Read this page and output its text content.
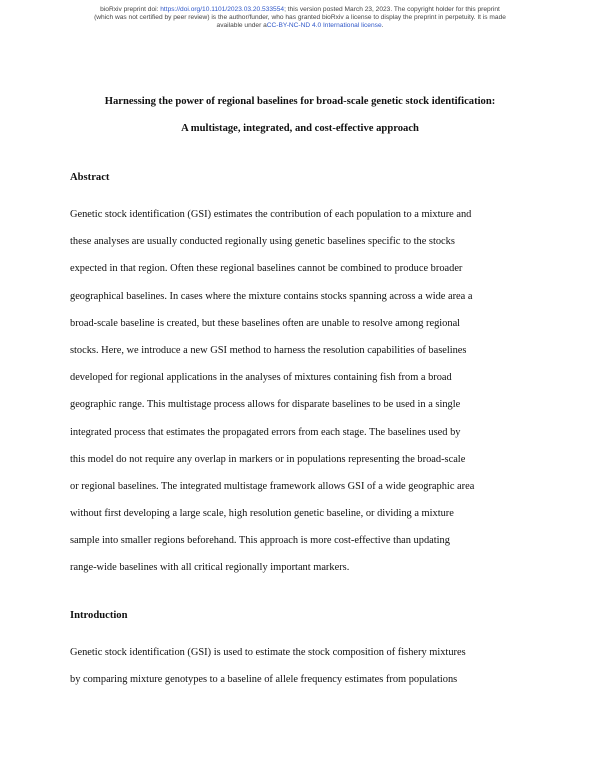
bioRxiv preprint doi: https://doi.org/10.1101/2023.03.20.533554; this version posted March 23, 2023. The copyright holder for this preprint
(which was not certified by peer review) is the author/funder, who has granted bioRxiv a license to display the preprint in perpetuity. It is made
available under aCC-BY-NC-ND 4.0 International license.
Harnessing the power of regional baselines for broad-scale genetic stock identification:
A multistage, integrated, and cost-effective approach
Abstract
Genetic stock identification (GSI) estimates the contribution of each population to a mixture and
these analyses are usually conducted regionally using genetic baselines specific to the stocks
expected in that region. Often these regional baselines cannot be combined to produce broader
geographical baselines. In cases where the mixture contains stocks spanning across a wide area a
broad-scale baseline is created, but these baselines often are unable to resolve among regional
stocks. Here, we introduce a new GSI method to harness the resolution capabilities of baselines
developed for regional applications in the analyses of mixtures containing fish from a broad
geographic range. This multistage process allows for disparate baselines to be used in a single
integrated process that estimates the propagated errors from each stage. The baselines used by
this model do not require any overlap in markers or in populations representing the broad-scale
or regional baselines. The integrated multistage framework allows GSI of a wide geographic area
without first developing a large scale, high resolution genetic baseline, or dividing a mixture
sample into smaller regions beforehand. This approach is more cost-effective than updating
range-wide baselines with all critical regionally important markers.
Introduction
Genetic stock identification (GSI) is used to estimate the stock composition of fishery mixtures
by comparing mixture genotypes to a baseline of allele frequency estimates from populations
